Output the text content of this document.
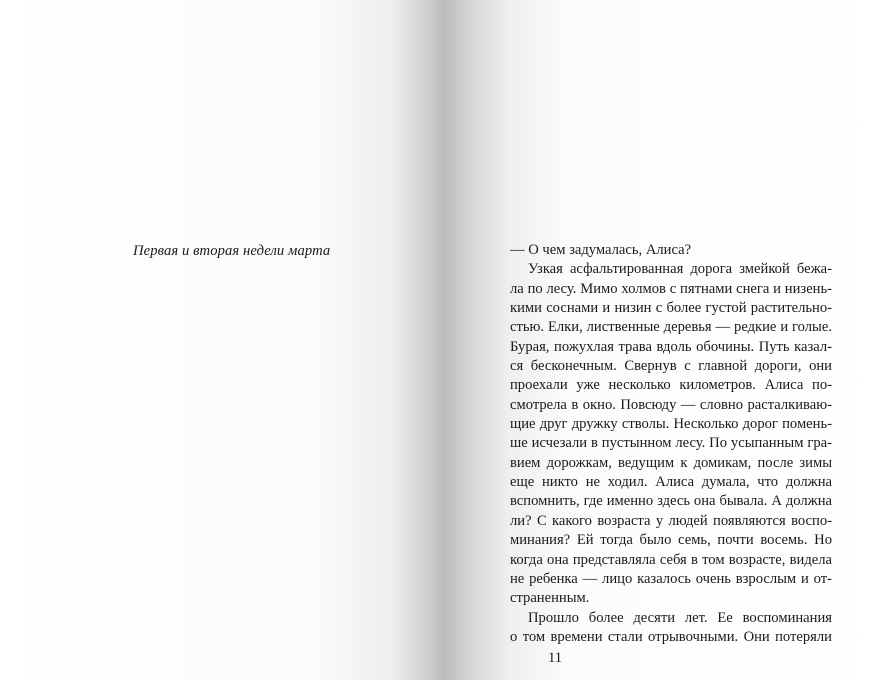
Первая и вторая недели марта	— О чем задумалась, Алиса?
Узкая асфальтированная дорога змейкой бежа-
ла по лесу. Мимо холмов с пятнами снега и низень-
кими соснами и низин с более густой растительно-
стью. Елки, лиственные деревья — редкие и голые.
Бурая, пожухлая трава вдоль обочины. Путь казал-
ся бесконечным. Свернув с главной дороги, они
проехали уже несколько километров. Алиса по-
смотрела в окно. Повсюду — словно расталкиваю-
щие друг дружку стволы. Несколько дорог помень-
ше исчезали в пустынном лесу. По усыпанным гра-
вием дорожкам, ведущим к домикам, после зимы
еще никто не ходил. Алиса думала, что должна
вспомнить, где именно здесь она бывала. А должна
ли? С какого возраста у людей появляются воспо-
минания? Ей тогда было семь, почти восемь. Но
когда она представляла себя в том возрасте, видела
не ребенка — лицо казалось очень взрослым и от-
страненным.
Прошло более десяти лет. Ее воспоминания
о том времени стали отрывочными. Они потеряли
11
